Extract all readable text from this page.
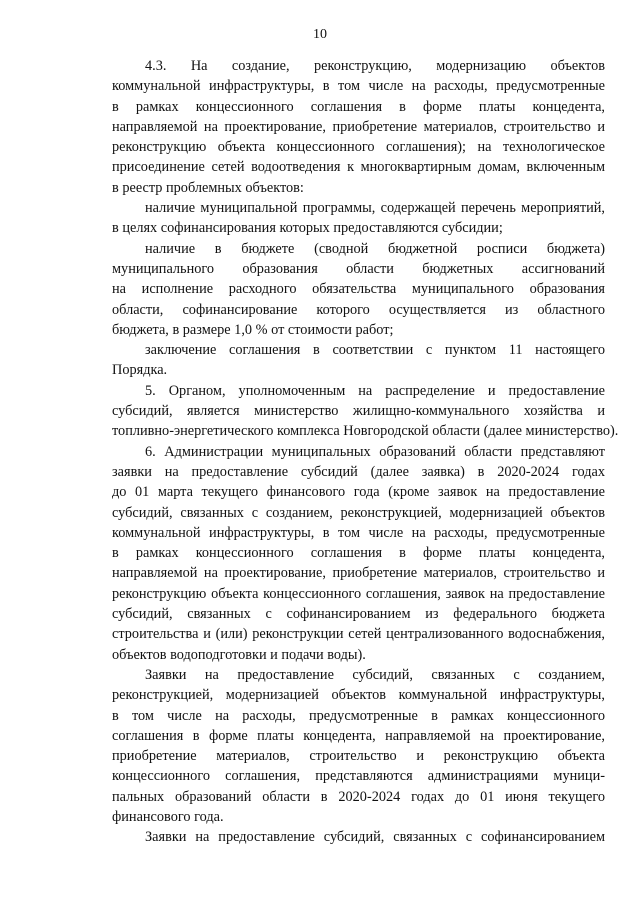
10

4.3. На создание, реконструкцию, модернизацию объектов

коммунальной инфраструктуры, в том числе на расходы, предусмотренные

в рамках концессионного соглашения в форме платы концедента,

направляемой на проектирование, приобретение материалов, строительство и

реконструкцию объекта концессионного соглашения); на технологическое

присоединение сетей водоотведения к многоквартирным домам, включенным

в реестр проблемных объектов:

наличие муниципальной программы, содержащей перечень мероприятий,

в целях софинансирования которых предоставляются субсидии;

наличие в бюджете (сводной бюджетной росписи бюджета)

муниципального образования области бюджетных ассигнований

на исполнение расходного обязательства муниципального образования

области, софинансирование которого осуществляется из областного

бюджета, в размере 1,0 % от стоимости работ;

заключение соглашения в соответствии с пунктом 11 настоящего

Порядка.

5. Органом, уполномоченным на распределение и предоставление

субсидий, является министерство жилищно-коммунального хозяйства и

топливно-энергетического комплекса Новгородской области (далее министерство).

6. Администрации муниципальных образований области представляют

заявки на предоставление субсидий (далее заявка) в 2020-2024 годах

до 01 марта текущего финансового года (кроме заявок на предоставление

субсидий, связанных с созданием, реконструкцией, модернизацией объектов

коммунальной инфраструктуры, в том числе на расходы, предусмотренные

в рамках концессионного соглашения в форме платы концедента,

направляемой на проектирование, приобретение материалов, строительство и

реконструкцию объекта концессионного соглашения, заявок на предоставление

субсидий, связанных с софинансированием из федерального бюджета

строительства и (или) реконструкции сетей централизованного водоснабжения,

объектов водоподготовки и подачи воды).

Заявки на предоставление субсидий, связанных с созданием,

реконструкцией, модернизацией объектов коммунальной инфраструктуры,

в том числе на расходы, предусмотренные в рамках концессионного

соглашения в форме платы концедента, направляемой на проектирование,

приобретение материалов, строительство и реконструкцию объекта

концессионного соглашения, представляются администрациями муници-

пальных образований области в 2020-2024 годах до 01 июня текущего

финансового года.

Заявки на предоставление субсидий, связанных с софинансированием
